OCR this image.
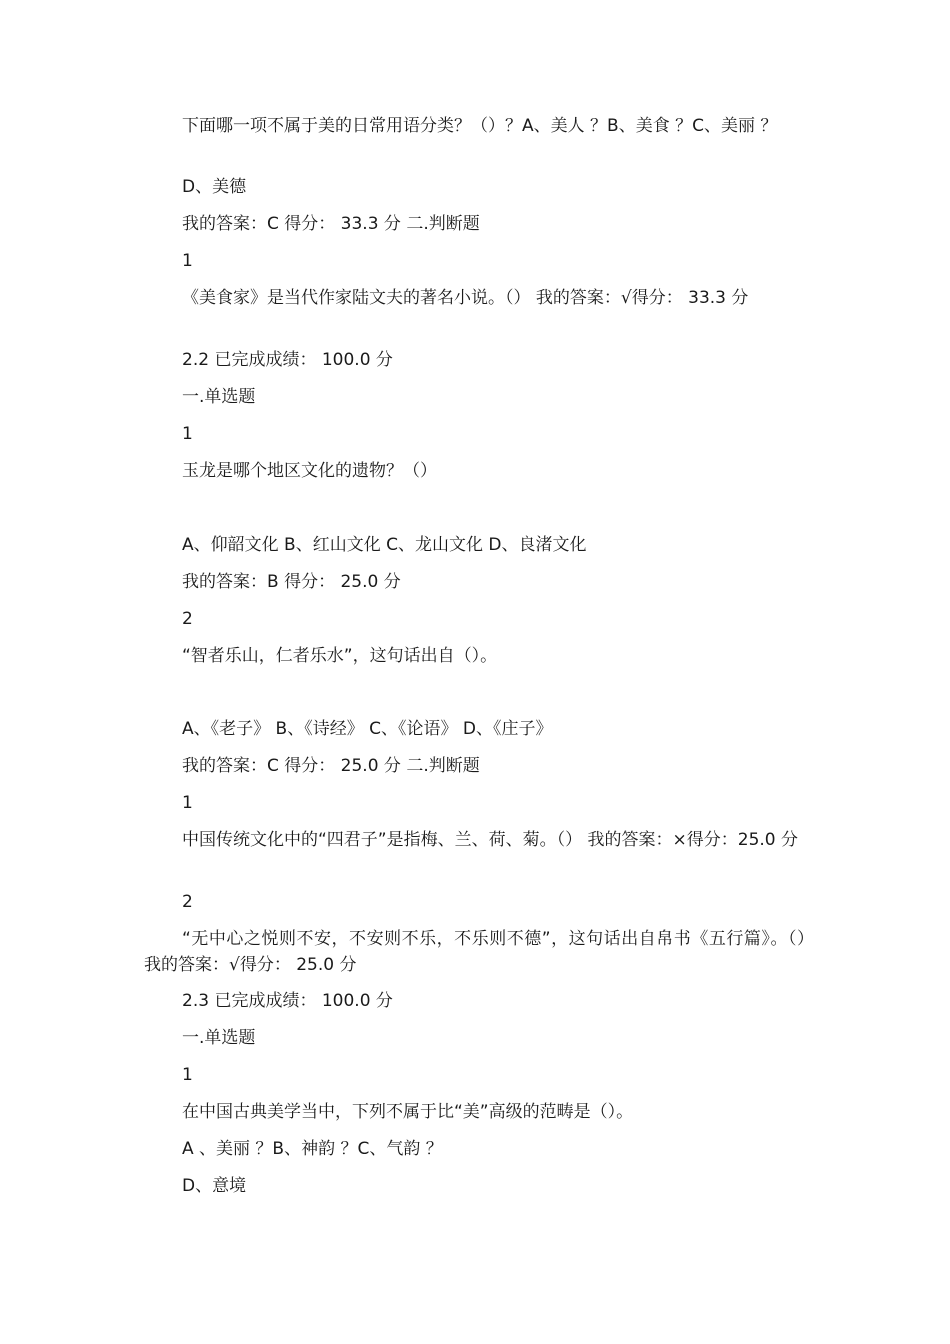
下面哪一项不属于美的日常用语分类？（）？A、美人 ？B、美食 ？C、美丽 ？
D、美德
我的答案：C 得分： 33.3 分 二.判断题
1
《美食家》是当代作家陆文夫的著名小说。（） 我的答案：√得分： 33.3 分
2.2 已完成成绩： 100.0 分
一.单选题
1
玉龙是哪个地区文化的遗物？（）
A、仰韶文化 B、红山文化 C、龙山文化 D、良渚文化
我的答案：B 得分： 25.0 分
2
“智者乐山，仁者乐水”，这句话出自（）。
A、《老子》 B、《诗经》 C、《论语》 D、《庄子》
我的答案：C 得分： 25.0 分 二.判断题
1
中国传统文化中的“四君子”是指梅、兰、荷、菊。（） 我的答案：×得分：25.0 分
2
“无中心之悦则不安，不安则不乐，不乐则不德”，这句话出自帛书《五行篇》。（） 我的答案：√得分： 25.0 分
2.3 已完成成绩： 100.0 分
一.单选题
1
在中国古典美学当中，下列不属于比“美”高级的范畴是（）。
A 、美丽 ？B、神韵 ？C、气韵 ？
D、意境
